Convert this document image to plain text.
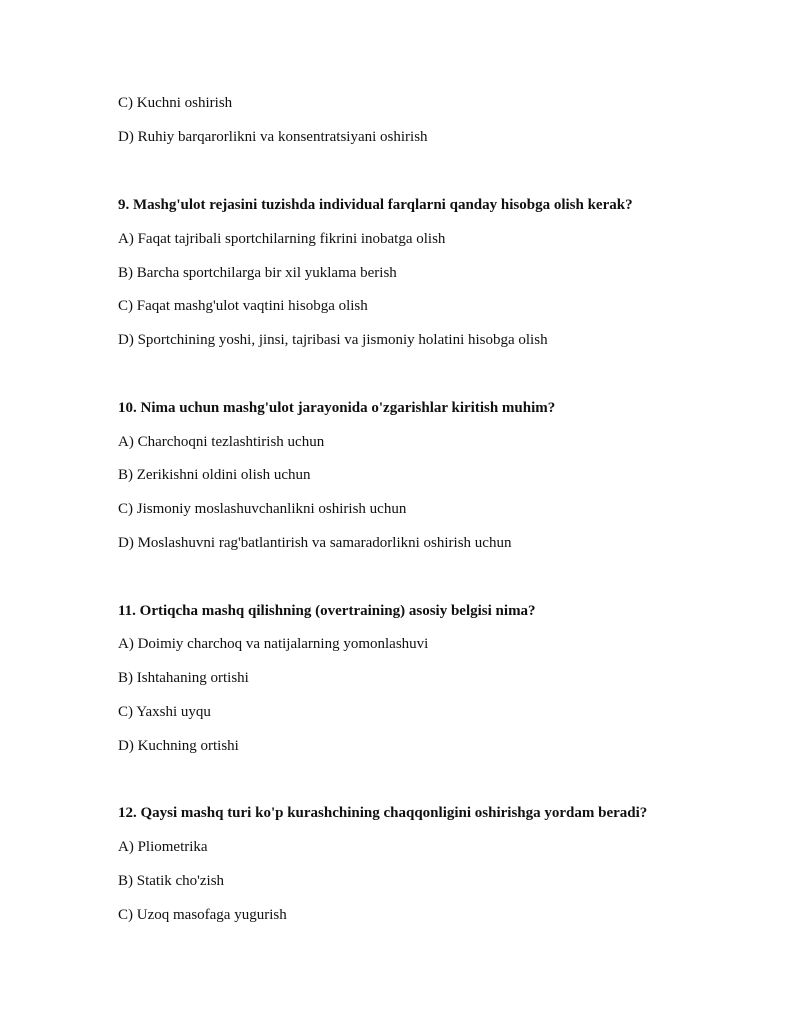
C) Kuchni oshirish
D) Ruhiy barqarorlikni va konsentratsiyani oshirish
9. Mashg'ulot rejasini tuzishda individual farqlarni qanday hisobga olish kerak?
A) Faqat tajribali sportchilarning fikrini inobatga olish
B) Barcha sportchilarga bir xil yuklama berish
C) Faqat mashg'ulot vaqtini hisobga olish
D) Sportchining yoshi, jinsi, tajribasi va jismoniy holatini hisobga olish
10. Nima uchun mashg'ulot jarayonida o'zgarishlar kiritish muhim?
A) Charchoqni tezlashtirish uchun
B) Zerikishni oldini olish uchun
C) Jismoniy moslashuvchanlikni oshirish uchun
D) Moslashuvni rag'batlantirish va samaradorlikni oshirish uchun
11. Ortiqcha mashq qilishning (overtraining) asosiy belgisi nima?
A) Doimiy charchoq va natijalarning yomonlashuvi
B) Ishtahaning ortishi
C) Yaxshi uyqu
D) Kuchning ortishi
12. Qaysi mashq turi ko'p kurashchining chaqqonligini oshirishga yordam beradi?
A) Pliometrika
B) Statik cho'zish
C) Uzoq masofaga yugurish
